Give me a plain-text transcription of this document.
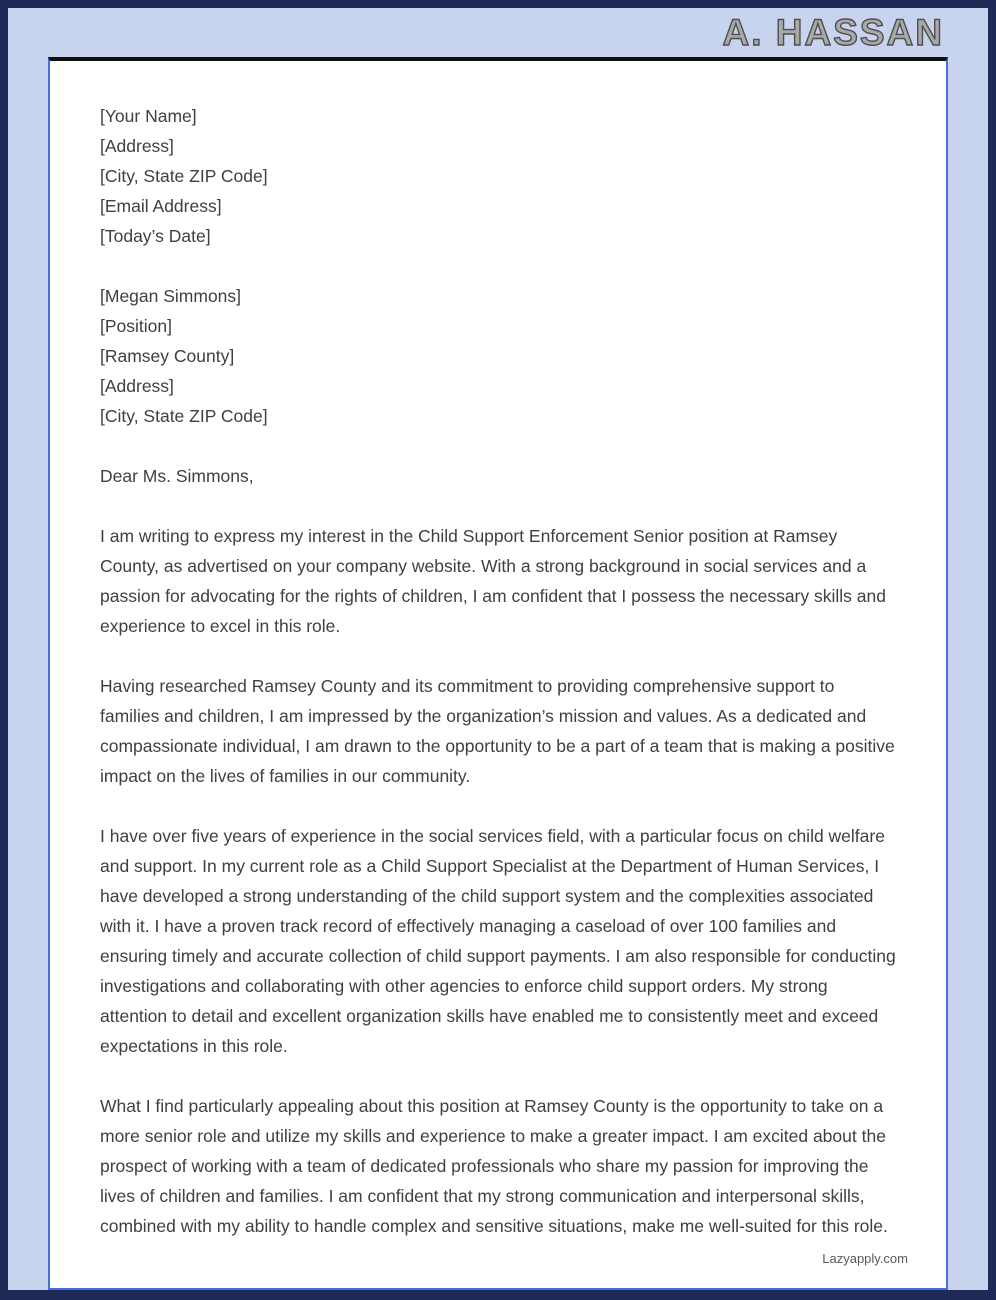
A. HASSAN
[Your Name]
[Address]
[City, State ZIP Code]
[Email Address]
[Today’s Date]
[Megan Simmons]
[Position]
[Ramsey County]
[Address]
[City, State ZIP Code]
Dear Ms. Simmons,
I am writing to express my interest in the Child Support Enforcement Senior position at Ramsey County, as advertised on your company website. With a strong background in social services and a passion for advocating for the rights of children, I am confident that I possess the necessary skills and experience to excel in this role.
Having researched Ramsey County and its commitment to providing comprehensive support to families and children, I am impressed by the organization’s mission and values. As a dedicated and compassionate individual, I am drawn to the opportunity to be a part of a team that is making a positive impact on the lives of families in our community.
I have over five years of experience in the social services field, with a particular focus on child welfare and support. In my current role as a Child Support Specialist at the Department of Human Services, I have developed a strong understanding of the child support system and the complexities associated with it. I have a proven track record of effectively managing a caseload of over 100 families and ensuring timely and accurate collection of child support payments. I am also responsible for conducting investigations and collaborating with other agencies to enforce child support orders. My strong attention to detail and excellent organization skills have enabled me to consistently meet and exceed expectations in this role.
What I find particularly appealing about this position at Ramsey County is the opportunity to take on a more senior role and utilize my skills and experience to make a greater impact. I am excited about the prospect of working with a team of dedicated professionals who share my passion for improving the lives of children and families. I am confident that my strong communication and interpersonal skills, combined with my ability to handle complex and sensitive situations, make me well-suited for this role.
Lazyapply.com
